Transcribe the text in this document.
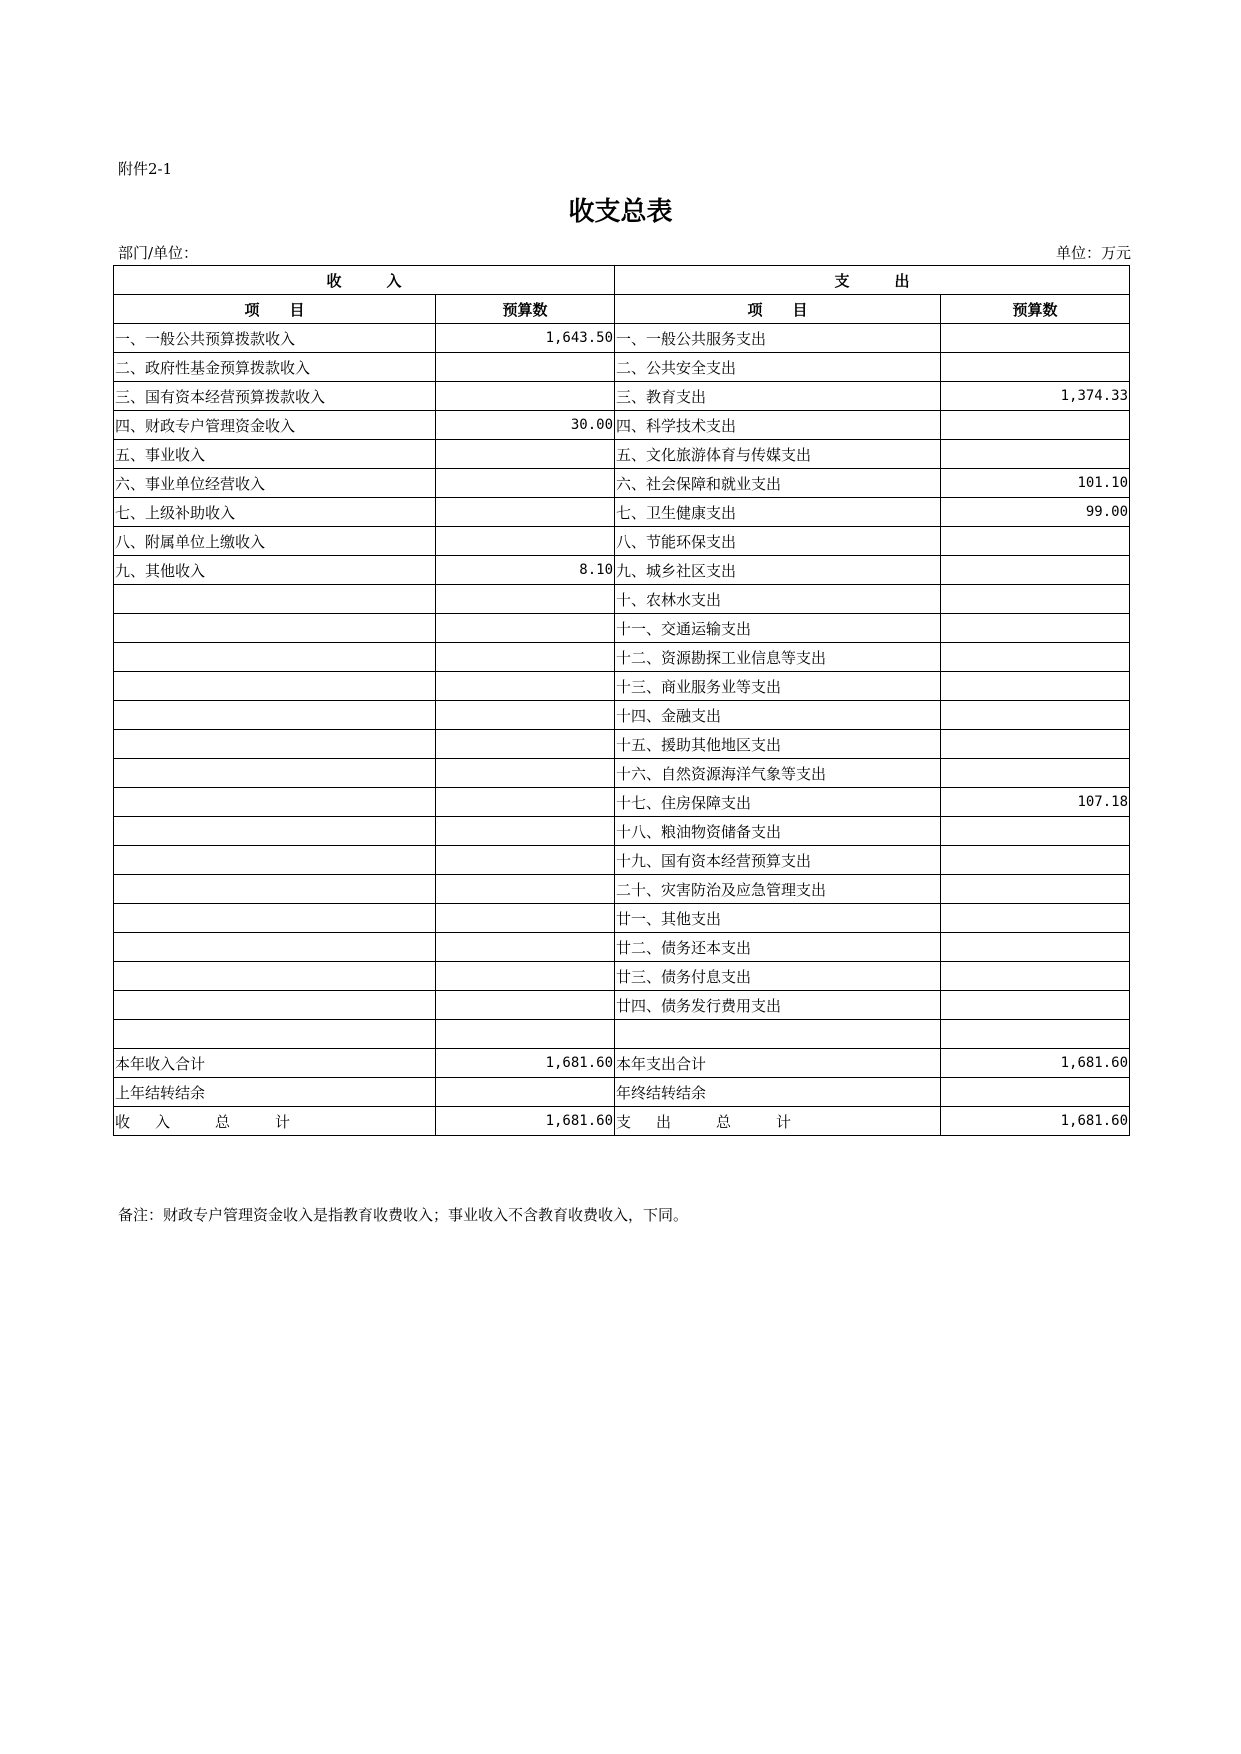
附件2-1
收支总表
部门/单位：	单位：万元
收　　　入		支　　　出	
项　　目	预算数	项　　目	预算数
一、一般公共预算拨款收入	1,643.50	一、一般公共服务支出	
二、政府性基金预算拨款收入		二、公共安全支出	
三、国有资本经营预算拨款收入		三、教育支出	1,374.33
四、财政专户管理资金收入	30.00	四、科学技术支出	
五、事业收入		五、文化旅游体育与传媒支出	
六、事业单位经营收入		六、社会保障和就业支出	101.10
七、上级补助收入		七、卫生健康支出	99.00
八、附属单位上缴收入		八、节能环保支出	
九、其他收入	8.10	九、城乡社区支出	
		十、农林水支出	
		十一、交通运输支出	
		十二、资源勘探工业信息等支出	
		十三、商业服务业等支出	
		十四、金融支出	
		十五、援助其他地区支出	
		十六、自然资源海洋气象等支出	
		十七、住房保障支出	107.18
		十八、粮油物资储备支出	
		十九、国有资本经营预算支出	
		二十、灾害防治及应急管理支出	
		廿一、其他支出	
		廿二、债务还本支出	
		廿三、债务付息支出	
		廿四、债务发行费用支出	

本年收入合计	1,681.60	本年支出合计	1,681.60
上年结转结余		年终结转结余	
收 入 总 计	1,681.60	支 出 总 计	1,681.60
备注：财政专户管理资金收入是指教育收费收入；事业收入不含教育收费收入，下同。
